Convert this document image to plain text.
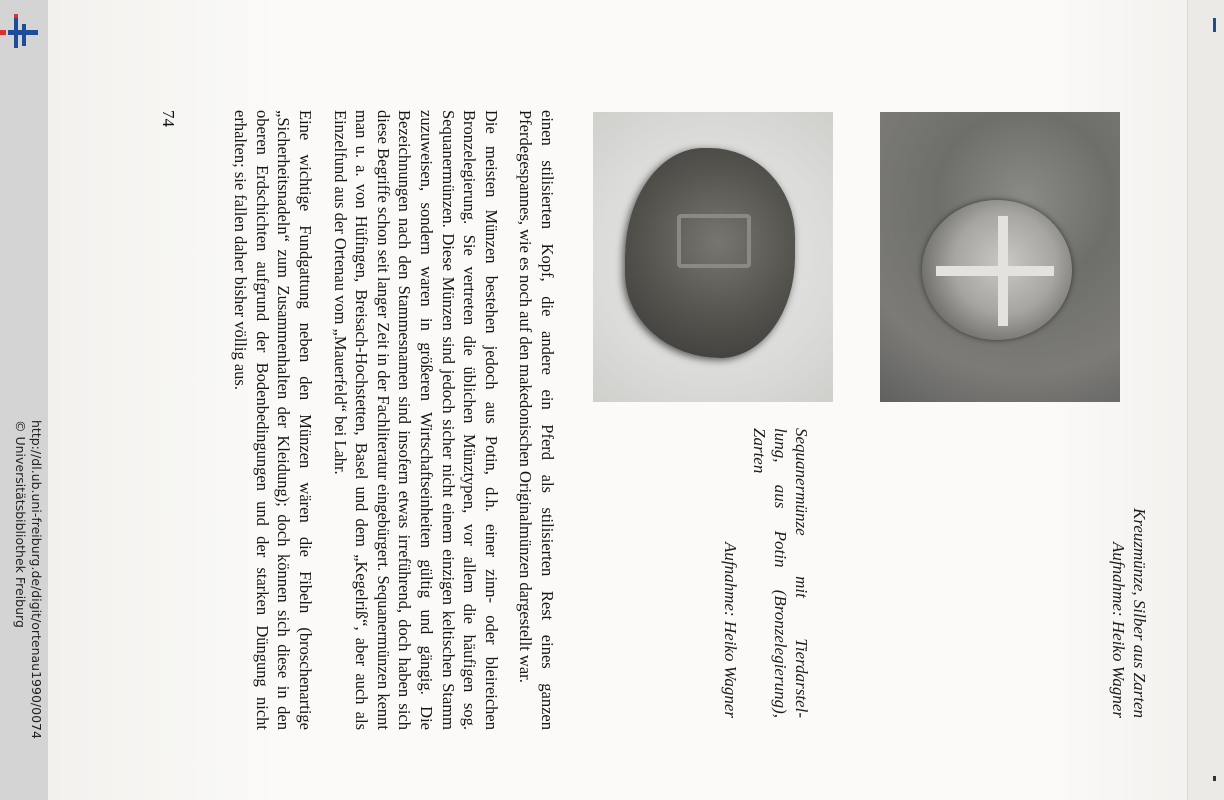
http://dl.ub.uni-freiburg.de/digit/ortenau1990/0074
© Universitätsbibliothek Freiburg	Kreuzmünze, Silber aus Zarten
Aufnahme: Heiko Wagner
Sequanermünze mit Tierdarstel-
lung, aus Potin (Bronzelegierung),
Zarten
Aufnahme: Heiko Wagner

einen stilisierten Kopf, die andere ein Pferd als stilisierten Rest eines ganzen Pferdegespannes, wie es noch auf den makedonischen Originalmünzen dargestellt war.

Die meisten Münzen bestehen jedoch aus Potin, d.h. einer zinn- oder bleireichen Bronzelegierung. Sie vertreten die üblichen Münztypen, vor allem die häufigen sog. Sequanermünzen. Diese Münzen sind jedoch sicher nicht einem einzigen keltischen Stamm zuzuweisen, sondern waren in größeren Wirtschaftseinheiten gültig und gängig. Die Bezeichnungen nach den Stammesnamen sind insofern etwas irreführend, doch haben sich diese Begriffe schon seit langer Zeit in der Fachliteratur eingebürgert. Sequanermünzen kennt man u. a. von Hüfingen, Breisach-Hochstetten, Basel und dem „Kegelriß“, aber auch als Einzelfund aus der Ortenau vom „Mauerfeld“ bei Lahr.

Eine wichtige Fundgattung neben den Münzen wären die Fibeln (broschenartige „Sicherheitsnadeln“ zum Zusammenhalten der Kleidung); doch können sich diese in den oberen Erdschichten aufgrund der Bodenbedingungen und der starken Düngung nicht erhalten; sie fallen daher bisher völlig aus.

74
